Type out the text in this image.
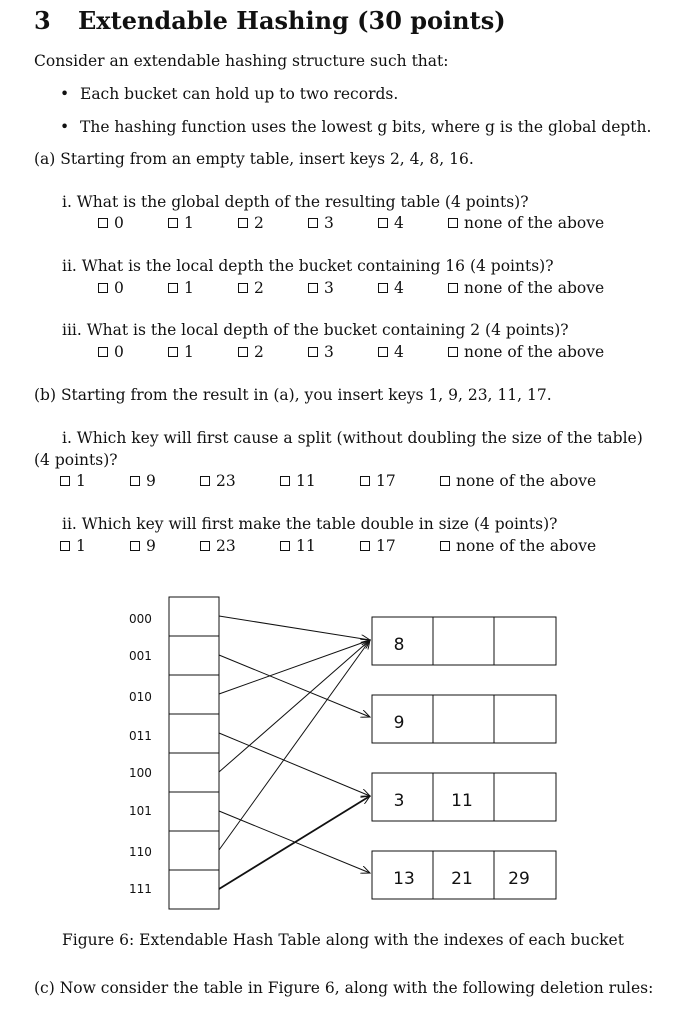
3 Extendable Hashing (30 points)
Consider an extendable hashing structure such that:
• Each bucket can hold up to two records.
• The hashing function uses the lowest g bits, where g is the global depth.
(a) Starting from an empty table, insert keys 2, 4, 8, 16.
i. What is the global depth of the resulting table (4 points)?
0	1	2	3	4	none of the above
ii. What is the local depth the bucket containing 16 (4 points)?
0	1	2	3	4	none of the above
iii. What is the local depth of the bucket containing 2 (4 points)?
0	1	2	3	4	none of the above
(b) Starting from the result in (a), you insert keys 1, 9, 23, 11, 17.
i. Which key will first cause a split (without doubling the size of the table)
(4 points)?
1	9	23	11	17	none of the above
ii. Which key will first make the table double in size (4 points)?
1	9	23	11	17	none of the above
000
001
010
011
100
101
110
111
8
9
3	11
13 21 29
Figure 6: Extendable Hash Table along with the indexes of each bucket
(c) Now consider the table in Figure 6, along with the following deletion rules:
